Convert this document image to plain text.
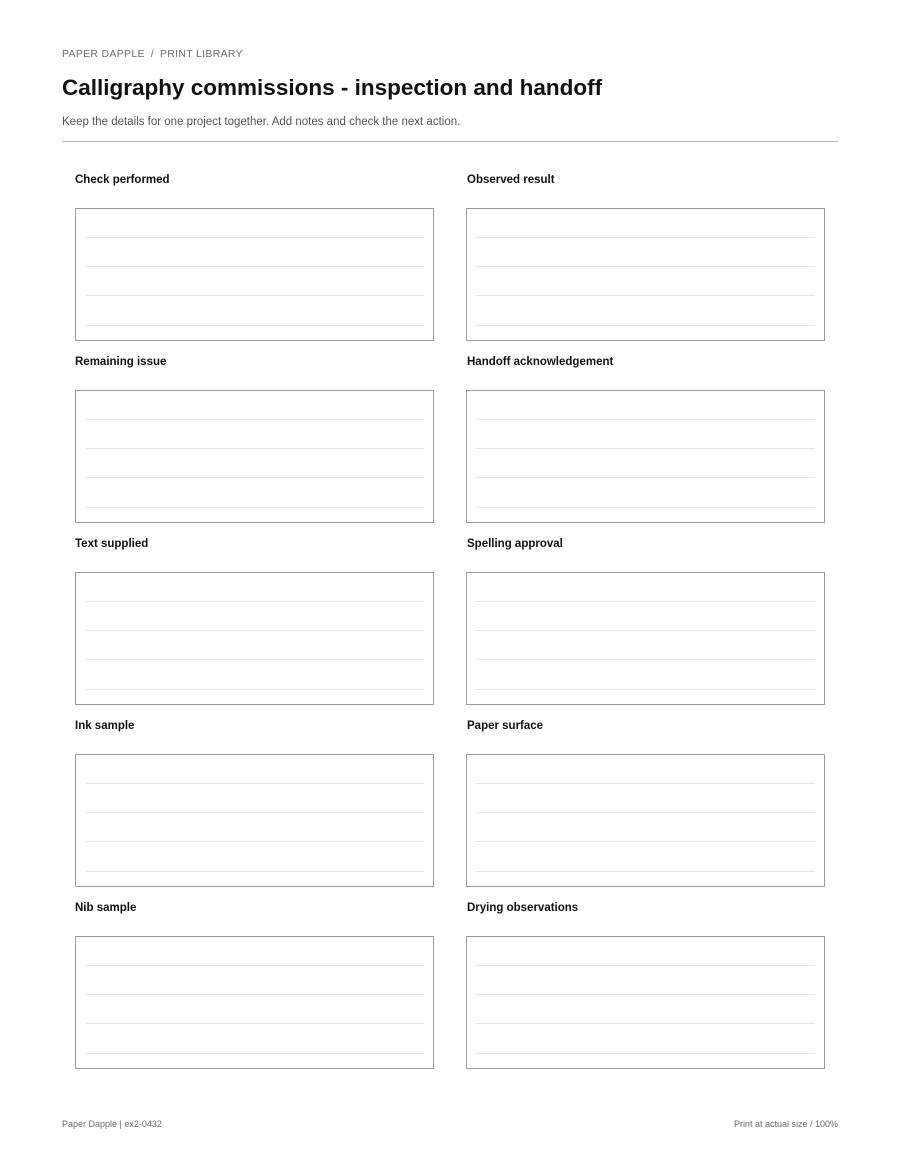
PAPER DAPPLE / PRINT LIBRARY
Calligraphy commissions - inspection and handoff

Keep the details for one project together. Add notes and check the next action.

Check performed	Observed result
Remaining issue	Handoff acknowledgement
Text supplied	Spelling approval
Ink sample	Paper surface
Nib sample	Drying observations
Paper Dapple | ex2-0432	Print at actual size / 100%
